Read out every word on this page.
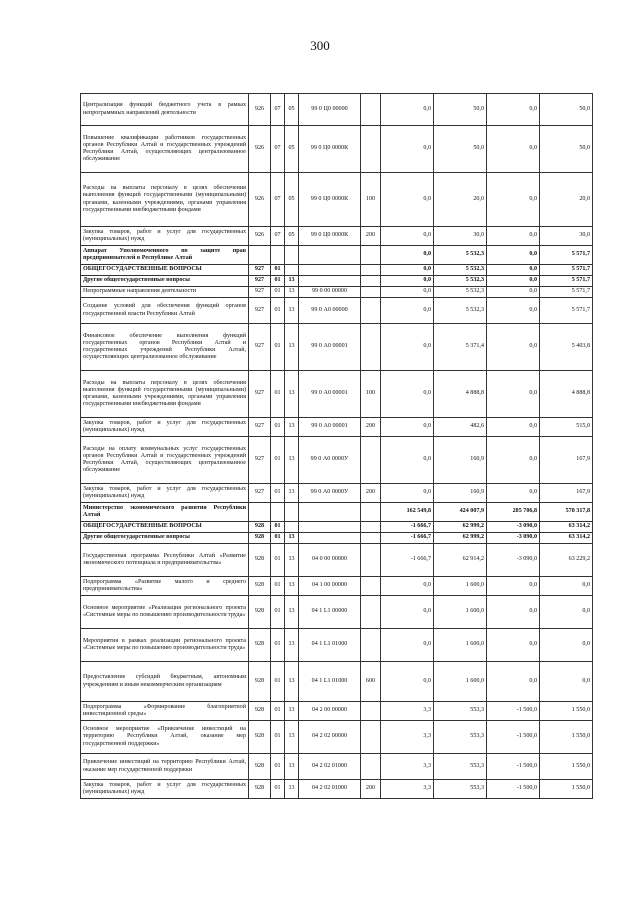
300
Централизация функций бюджетного учета в рамках непрограммных направлений деятельности	926	07	05	99 0 Ц0 00000		0,0	50,0	0,0	50,0
Повышение квалификации работников государственных органов Республики Алтай и государственных учреждений Республики Алтай, осуществляющих централизованное обслуживание	926	07	05	99 0 Ц0 0000К		0,0	50,0	0,0	50,0
Расходы на выплаты персоналу в целях обеспечения выполнения функций государственными (муниципальными) органами, казенными учреждениями, органами управления государственными внебюджетными фондами	926	07	05	99 0 Ц0 0000К	100	0,0	20,0	0,0	20,0
Закупка товаров, работ и услуг для государственных (муниципальных) нужд	926	07	05	99 0 Ц0 0000К	200	0,0	30,0	0,0	30,0
Аппарат Уполномоченного по защите прав предпринимателей в Республике Алтай						0,0	5 532,3	0,0	5 571,7
ОБЩЕГОСУДАРСТВЕННЫЕ ВОПРОСЫ	927	01				0,0	5 532,3	0,0	5 571,7
Другие общегосударственные вопросы	927	01	13			0,0	5 532,3	0,0	5 571,7
Непрограммные направления деятельности	927	01	13	99 0 00 00000		0,0	5 532,3	0,0	5 571,7
Создание условий для обеспечения функций органов государственной власти Республики Алтай	927	01	13	99 0 А0 00000		0,0	5 532,3	0,0	5 571,7
Финансовое обеспечение выполнения функций государственных органов Республики Алтай и государственных учреждений Республики Алтай, осуществляющих централизованное обслуживание	927	01	13	99 0 А0 00001		0,0	5 371,4	0,0	5 403,8
Расходы на выплаты персоналу в целях обеспечения выполнения функций государственными (муниципальными) органами, казенными учреждениями, органами управления государственными внебюджетными фондами	927	01	13	99 0 А0 00001	100	0,0	4 888,8	0,0	4 888,8
Закупка товаров, работ и услуг для государственных (муниципальных) нужд	927	01	13	99 0 А0 00001	200	0,0	482,6	0,0	515,0
Расходы на оплату коммунальных услуг государственных органов Республики Алтай и государственных учреждений Республики Алтай, осуществляющих централизованное обслуживание	927	01	13	99 0 А0 0000У		0,0	160,9	0,0	167,9
Закупка товаров, работ и услуг для государственных (муниципальных) нужд	927	01	13	99 0 А0 0000У	200	0,0	160,9	0,0	167,9
Министерство экономического развития Республики Алтай						162 549,8	424 007,9	285 706,8	578 317,8
ОБЩЕГОСУДАРСТВЕННЫЕ ВОПРОСЫ	928	01				-1 666,7	62 999,2	-3 090,0	63 314,2
Другие общегосударственные вопросы	928	01	13			-1 666,7	62 999,2	-3 090,0	63 314,2
Государственная программа Республики Алтай «Развитие экономического потенциала и предпринимательства»	928	01	13	04 0 00 00000		-1 666,7	62 914,2	-3 090,0	63 229,2
Подпрограмма «Развитие малого и среднего предпринимательства»	928	01	13	04 1 00 00000		0,0	1 600,0	0,0	0,0
Основное мероприятие «Реализация регионального проекта «Системные меры по повышению производительности труда»	928	01	13	04 1 L1 00000		0,0	1 600,0	0,0	0,0
Мероприятия в рамках реализации регионального проекта «Системные меры по повышению производительности труда»	928	01	13	04 1 L1 01000		0,0	1 600,0	0,0	0,0
Предоставление субсидий бюджетным, автономным учреждениям и иным некоммерческим организациям	928	01	13	04 1 L1 01000	600	0,0	1 600,0	0,0	0,0
Подпрограмма «Формирование благоприятной инвестиционной среды»	928	01	13	04 2 00 00000		3,3	553,3	-1 500,0	1 550,0
Основное мероприятие «Привлечение инвестиций на территорию Республики Алтай, оказание мер государственной поддержки»	928	01	13	04 2 02 00000		3,3	553,3	-1 500,0	1 550,0
Привлечение инвестиций на территорию Республики Алтай, оказание мер государственной поддержки	928	01	13	04 2 02 01000		3,3	553,3	-1 500,0	1 550,0
Закупка товаров, работ и услуг для государственных (муниципальных) нужд	928	01	13	04 2 02 01000	200	3,3	553,3	-1 500,0	1 550,0
